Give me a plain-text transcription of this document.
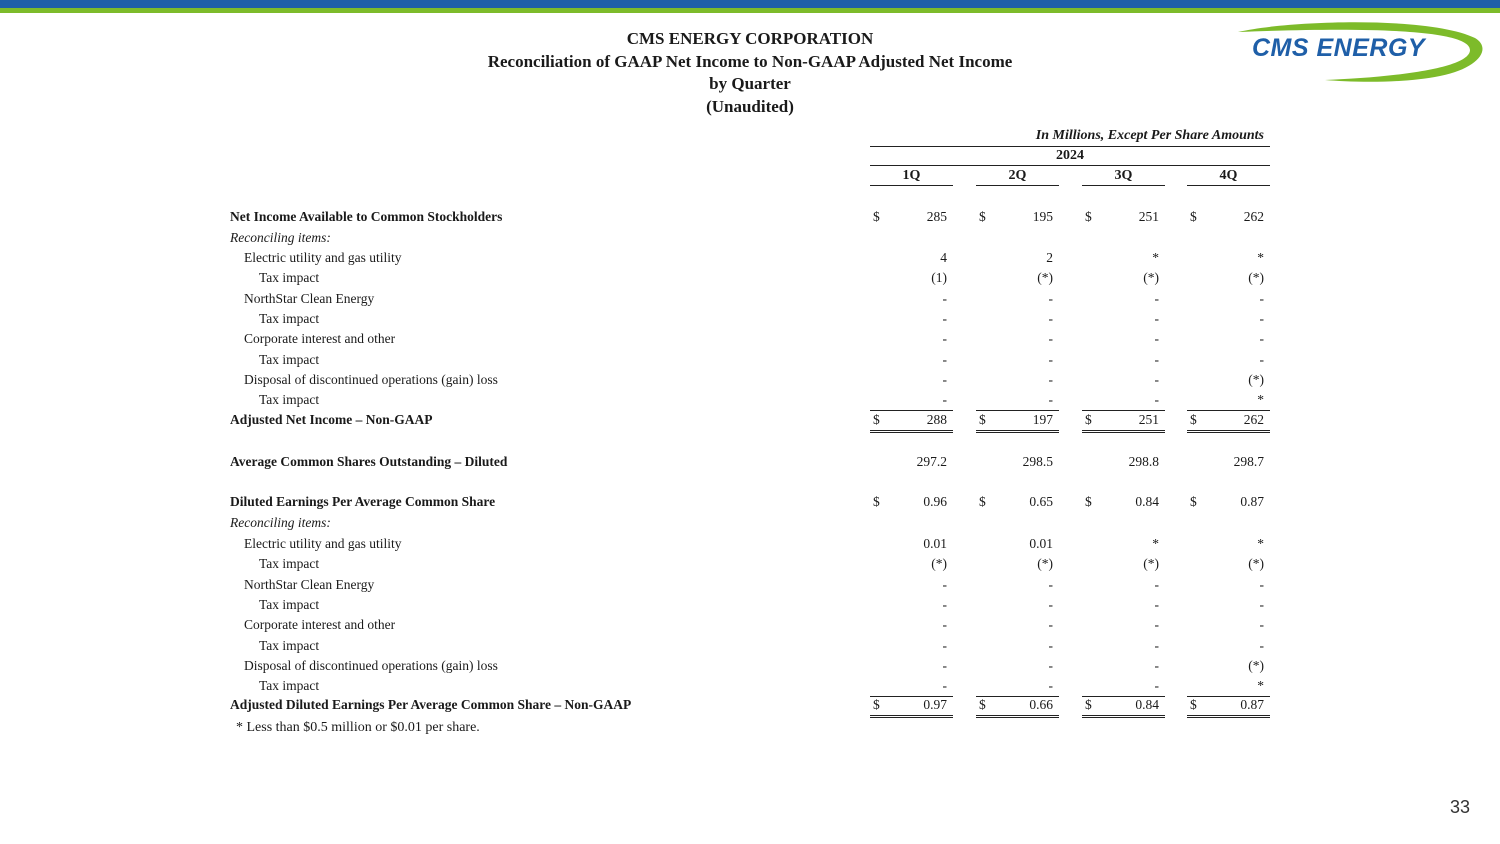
CMS ENERGY CORPORATION
Reconciliation of GAAP Net Income to Non-GAAP Adjusted Net Income
by Quarter
(Unaudited)
CMS ENERGY
In Millions, Except Per Share Amounts
2024
1Q	2Q	3Q	4Q
Net Income Available to Common Stockholders	$	285 $	195 $	251 $	262
Reconciling items:
Electric utility and gas utility	4	2	*	*
Tax impact	(1)	(*)	(*)	(*)
NorthStar Clean Energy	-	-	-	-
Tax impact	-	-	-	-
Corporate interest and other	-	-	-	-
Tax impact	-	-	-	-
Disposal of discontinued operations (gain) loss	-	-	-	(*)
Tax impact	-	-	-	*
Adjusted Net Income – Non-GAAP	$	288 $	197 $	251 $	262
Average Common Shares Outstanding – Diluted	297.2	298.5	298.8	298.7
Diluted Earnings Per Average Common Share	$	0.96 $	0.65 $	0.84 $	0.87
Reconciling items:
Electric utility and gas utility	0.01	0.01	*	*
Tax impact	(*)	(*)	(*)	(*)
NorthStar Clean Energy	-	-	-	-
Tax impact	-	-	-	-
Corporate interest and other	-	-	-	-
Tax impact	-	-	-	-
Disposal of discontinued operations (gain) loss	-	-	-	(*)
Tax impact	-	-	-	*
Adjusted Diluted Earnings Per Average Common Share – Non-GAAP	$	0.97 $	0.66 $	0.84 $	0.87
* Less than $0.5 million or $0.01 per share.
33
